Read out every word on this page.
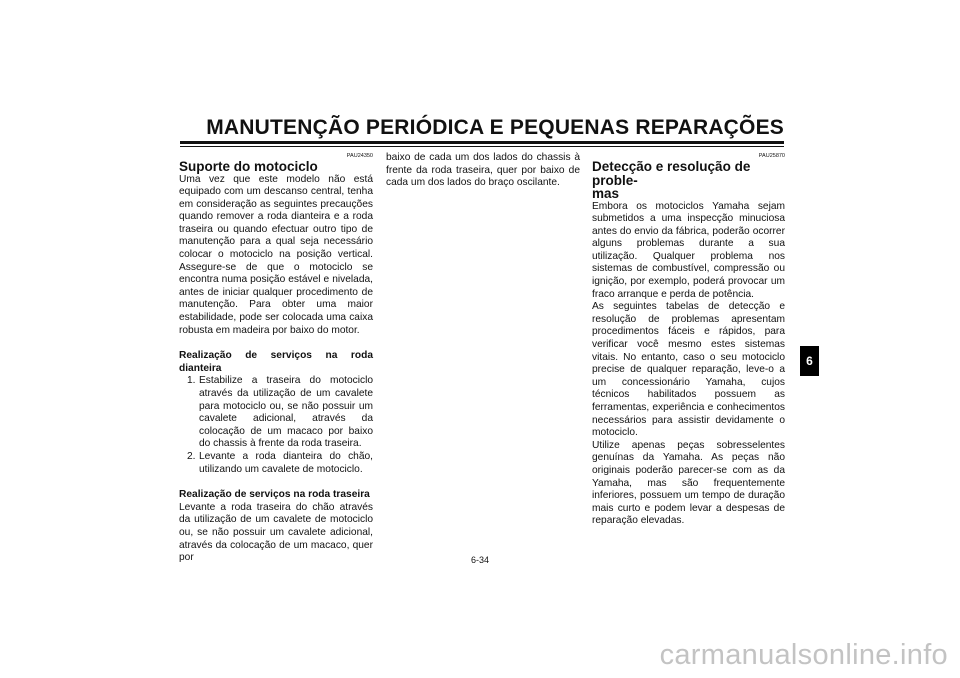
MANUTENÇÃO PERIÓDICA E PEQUENAS REPARAÇÕES
PAU24350
Suporte do motociclo

Uma vez que este modelo não está equipado com um descanso central, tenha em consideração as seguintes precauções quando remover a roda dianteira e a roda traseira ou quando efectuar outro tipo de manutenção para a qual seja necessário colocar o motociclo na posição vertical. Assegure-se de que o motociclo se encontra numa posição estável e nivelada, antes de iniciar qualquer procedimento de manutenção. Para obter uma maior estabilidade, pode ser colocada uma caixa robusta em madeira por baixo do motor.

Realização de serviços na roda dianteira

1. Estabilize a traseira do motociclo através da utilização de um cavalete para motociclo ou, se não possuir um cavalete adicional, através da colocação de um macaco por baixo do chassis à frente da roda traseira.
2. Levante a roda dianteira do chão, utilizando um cavalete de motociclo.

Realização de serviços na roda traseira

Levante a roda traseira do chão através da utilização de um cavalete de motociclo ou, se não possuir um cavalete adicional, através da colocação de um macaco, quer por

baixo de cada um dos lados do chassis à frente da roda traseira, quer por baixo de cada um dos lados do braço oscilante.

PAU25870
Detecção e resolução de proble-
mas

Embora os motociclos Yamaha sejam submetidos a uma inspecção minuciosa antes do envio da fábrica, poderão ocorrer alguns problemas durante a sua utilização. Qualquer problema nos sistemas de combustível, compressão ou ignição, por exemplo, poderá provocar um fraco arranque e perda de potência.

As seguintes tabelas de detecção e resolução de problemas apresentam procedimentos fáceis e rápidos, para verificar você mesmo estes sistemas vitais. No entanto, caso o seu motociclo precise de qualquer reparação, leve-o a um concessionário Yamaha, cujos técnicos habilitados possuem as ferramentas, experiência e conhecimentos necessários para assistir devidamente o motociclo.

Utilize apenas peças sobresselentes genuínas da Yamaha. As peças não originais poderão parecer-se com as da Yamaha, mas são frequentemente inferiores, possuem um tempo de duração mais curto e podem levar a despesas de reparação elevadas.

6
6-34
carmanualsonline.info
